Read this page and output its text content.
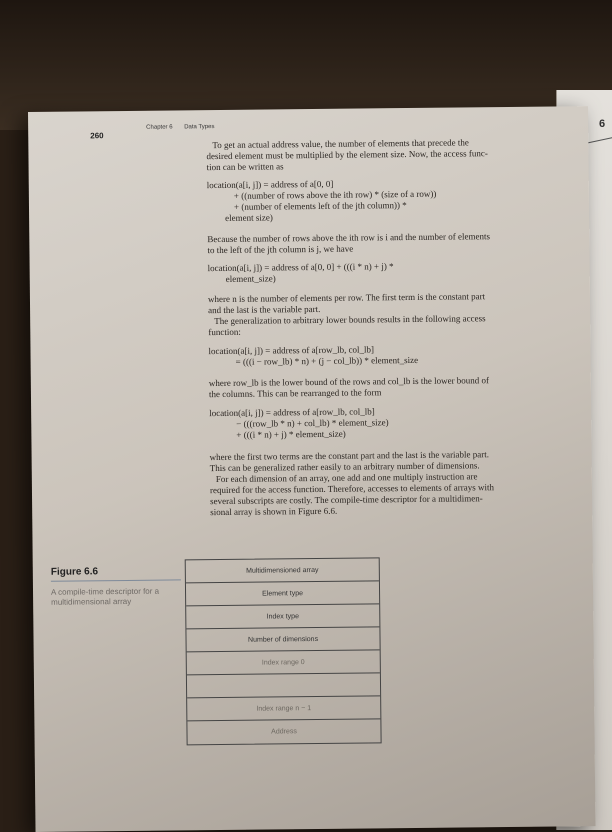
6
260
Chapter 6 Data Types
To get an actual address value, the number of elements that precede the
desired element must be multiplied by the element size. Now, the access func-
tion can be written as
location(a[i, j]) = address of a[0, 0]
+ ((number of rows above the ith row) * (size of a row))
+ (number of elements left of the jth column)) *
element size)
Because the number of rows above the ith row is i and the number of elements
to the left of the jth column is j, we have
location(a[i, j]) = address of a[0, 0] + (((i * n) + j) *
element_size)
where n is the number of elements per row. The first term is the constant part
and the last is the variable part.
The generalization to arbitrary lower bounds results in the following access
function:
location(a[i, j]) = address of a[row_lb, col_lb]
= (((i − row_lb) * n) + (j − col_lb)) * element_size
where row_lb is the lower bound of the rows and col_lb is the lower bound of
the columns. This can be rearranged to the form
location(a[i, j]) = address of a[row_lb, col_lb]
− (((row_lb * n) + col_lb) * element_size)
+ (((i * n) + j) * element_size)
where the first two terms are the constant part and the last is the variable part.
This can be generalized rather easily to an arbitrary number of dimensions.
For each dimension of an array, one add and one multiply instruction are
required for the access function. Therefore, accesses to elements of arrays with
several subscripts are costly. The compile-time descriptor for a multidimen-
sional array is shown in Figure 6.6.
Figure 6.6
A compile-time descriptor for a multidimensional array
Multidimensioned array
Element type
Index type
Number of dimensions
Index range 0
Index range n − 1
Address
